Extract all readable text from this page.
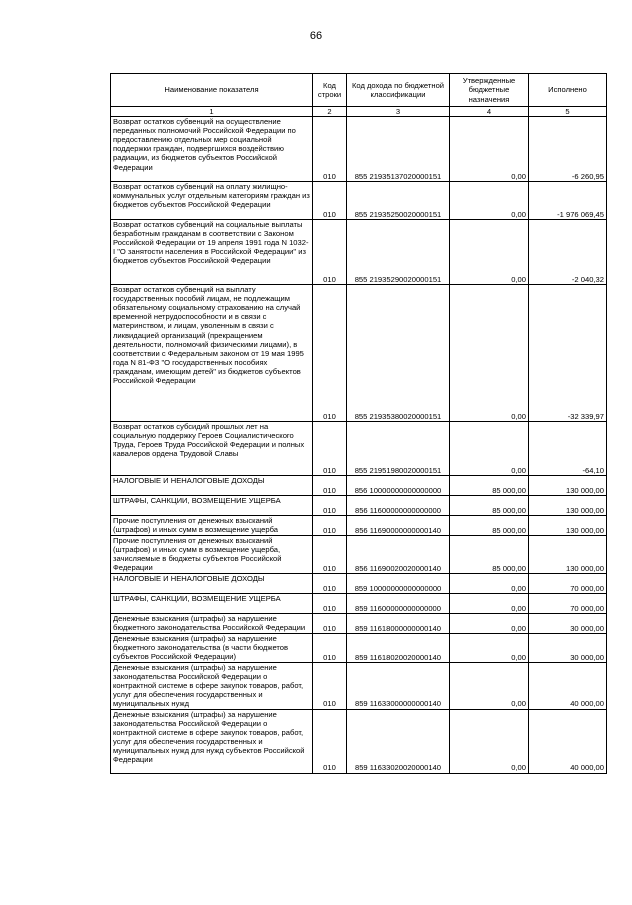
66
Наименование показателя	Код строки	Код дохода по бюджетной классификации	Утвержденные бюджетные назначения	Исполнено
1	2	3	4	5
Возврат остатков субвенций на осуществление переданных полномочий Российской Федерации по предоставлению отдельных мер социальной поддержки граждан, подвергшихся воздействию радиации, из бюджетов субъектов Российской Федерации	010	855 21935137020000151	0,00	-6 260,95
Возврат остатков субвенций на оплату жилищно-коммунальных услуг отдельным категориям граждан из бюджетов субъектов Российской Федерации	010	855 21935250020000151	0,00	-1 976 069,45
Возврат остатков субвенций на социальные выплаты безработным гражданам в соответствии с Законом Российской Федерации от 19 апреля 1991 года N 1032-I "О занятости населения в Российской Федерации" из бюджетов субъектов Российской Федерации	010	855 21935290020000151	0,00	-2 040,32
Возврат остатков субвенций на выплату государственных пособий лицам, не подлежащим обязательному социальному страхованию на случай временной нетрудоспособности и в связи с материнством, и лицам, уволенным в связи с ликвидацией организаций (прекращением деятельности, полномочий физическими лицами), в соответствии с Федеральным законом от 19 мая 1995 года N 81-ФЗ "О государственных пособиях гражданам, имеющим детей" из бюджетов субъектов Российской Федерации	010	855 21935380020000151	0,00	-32 339,97
Возврат остатков субсидий прошлых лет на социальную поддержку Героев Социалистического Труда, Героев Труда Российской Федерации и полных кавалеров ордена Трудовой Славы	010	855 21951980020000151	0,00	-64,10
НАЛОГОВЫЕ И НЕНАЛОГОВЫЕ ДОХОДЫ	010	856 10000000000000000	85 000,00	130 000,00
ШТРАФЫ, САНКЦИИ, ВОЗМЕЩЕНИЕ УЩЕРБА	010	856 11600000000000000	85 000,00	130 000,00
Прочие поступления от денежных взысканий (штрафов) и иных сумм в возмещение ущерба	010	856 11690000000000140	85 000,00	130 000,00
Прочие поступления от денежных взысканий (штрафов) и иных сумм в возмещение ущерба, зачисляемые в бюджеты субъектов Российской Федерации	010	856 11690020020000140	85 000,00	130 000,00
НАЛОГОВЫЕ И НЕНАЛОГОВЫЕ ДОХОДЫ	010	859 10000000000000000	0,00	70 000,00
ШТРАФЫ, САНКЦИИ, ВОЗМЕЩЕНИЕ УЩЕРБА	010	859 11600000000000000	0,00	70 000,00
Денежные взыскания (штрафы) за нарушение бюджетного законодательства Российской Федерации	010	859 11618000000000140	0,00	30 000,00
Денежные взыскания (штрафы) за нарушение бюджетного законодательства (в части бюджетов субъектов Российской Федерации)	010	859 11618020020000140	0,00	30 000,00
Денежные взыскания (штрафы) за нарушение законодательства Российской Федерации о контрактной системе в сфере закупок товаров, работ, услуг для обеспечения государственных и муниципальных нужд	010	859 11633000000000140	0,00	40 000,00
Денежные взыскания (штрафы) за нарушение законодательства Российской Федерации о контрактной системе в сфере закупок товаров, работ, услуг для обеспечения государственных и муниципальных нужд для нужд субъектов Российской Федерации	010	859 11633020020000140	0,00	40 000,00
